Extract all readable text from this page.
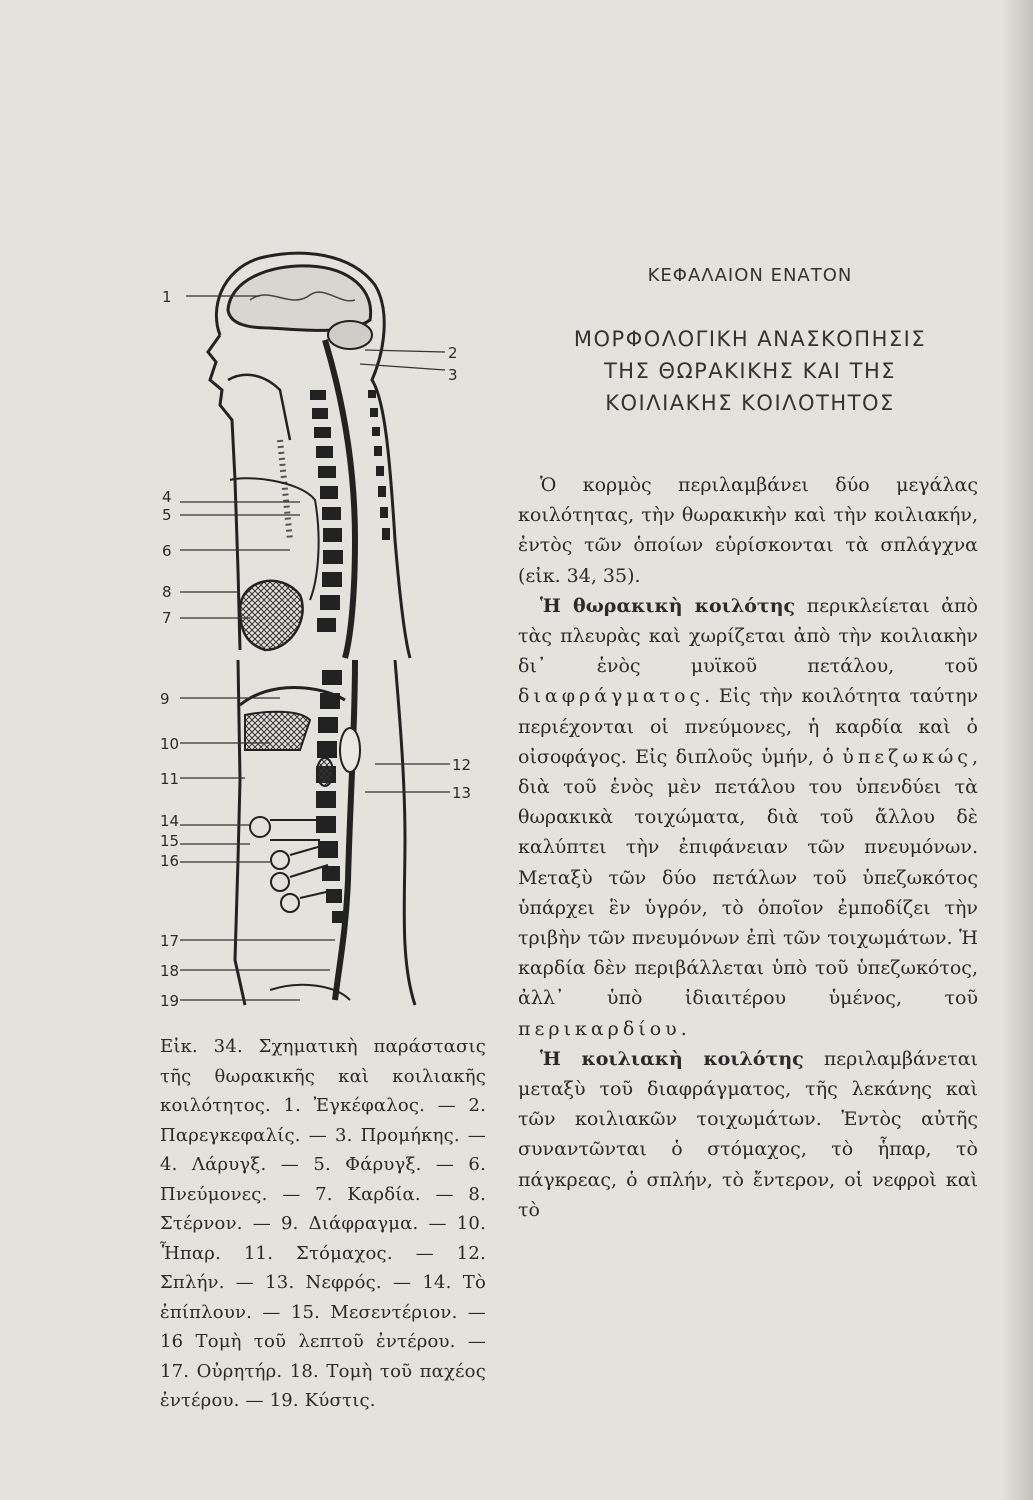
1
4
5
6
8
7
2
3
9
10
11
14
15
16
17
18
19
12
13
Εἰκ. 34. Σχηματικὴ παράστασις τῆς θωρακικῆς καὶ κοιλιακῆς κοιλότητος. 1. Ἐγκέφαλος. — 2. Παρεγκεφαλίς. — 3. Προμήκης. — 4. Λάρυγξ. — 5. Φάρυγξ. — 6. Πνεύμονες. — 7. Καρδία. — 8. Στέρνον. — 9. Διάφραγμα. — 10. Ἧπαρ. 11. Στόμαχος. — 12. Σπλήν. — 13. Νεφρός. — 14. Τὸ ἐπίπλουν. — 15. Μεσεντέριον. — 16 Τομὴ τοῦ λεπτοῦ ἐντέρου. — 17. Οὐρητήρ. 18. Τομὴ τοῦ παχέος ἐντέρου. — 19. Κύστις.
ΚΕΦΑΛΑΙΟΝ ΕΝΑΤΟΝ
ΜΟΡΦΟΛΟΓΙΚΗ ΑΝΑΣΚΟΠΗΣΙΣ
ΤΗΣ ΘΩΡΑΚΙΚΗΣ ΚΑΙ ΤΗΣ
ΚΟΙΛΙΑΚΗΣ ΚΟΙΛΟΤΗΤΟΣ

Ὁ κορμὸς περιλαμβάνει δύο μεγάλας κοιλότητας, τὴν θωρακικὴν καὶ τὴν κοιλιακήν, ἐντὸς τῶν ὁποίων εὑρίσκονται τὰ σπλάγχνα (εἰκ. 34, 35).

Ἡ θωρακικὴ κοιλότης περικλείεται ἀπὸ τὰς πλευρὰς καὶ χωρίζεται ἀπὸ τὴν κοιλιακὴν δι᾿ ἑνὸς μυϊκοῦ πετάλου, τοῦ διαφράγματος. Εἰς τὴν κοιλότητα ταύτην περιέχονται οἱ πνεύμονες, ἡ καρδία καὶ ὁ οἰσοφάγος. Εἰς διπλοῦς ὑμήν, ὁ ὑπεζωκώς, διὰ τοῦ ἑνὸς μὲν πετάλου του ὑπενδύει τὰ θωρακικὰ τοιχώματα, διὰ τοῦ ἄλλου δὲ καλύπτει τὴν ἐπιφάνειαν τῶν πνευμόνων. Μεταξὺ τῶν δύο πετάλων τοῦ ὑπεζωκότος ὑπάρχει ἓν ὑγρόν, τὸ ὁποῖον ἐμποδίζει τὴν τριβὴν τῶν πνευμόνων ἐπὶ τῶν τοιχωμάτων. Ἡ καρδία δὲν περιβάλλεται ὑπὸ τοῦ ὑπεζωκότος, ἀλλ᾿ ὑπὸ ἰδιαιτέρου ὑμένος, τοῦ περικαρδίου.

Ἡ κοιλιακὴ κοιλότης περιλαμβάνεται μεταξὺ τοῦ διαφράγματος, τῆς λεκάνης καὶ τῶν κοιλιακῶν τοιχωμάτων. Ἐντὸς αὐτῆς συναντῶνται ὁ στόμαχος, τὸ ἧπαρ, τὸ πάγκρεας, ὁ σπλήν, τὸ ἔντερον, οἱ νεφροὶ καὶ τὸ
